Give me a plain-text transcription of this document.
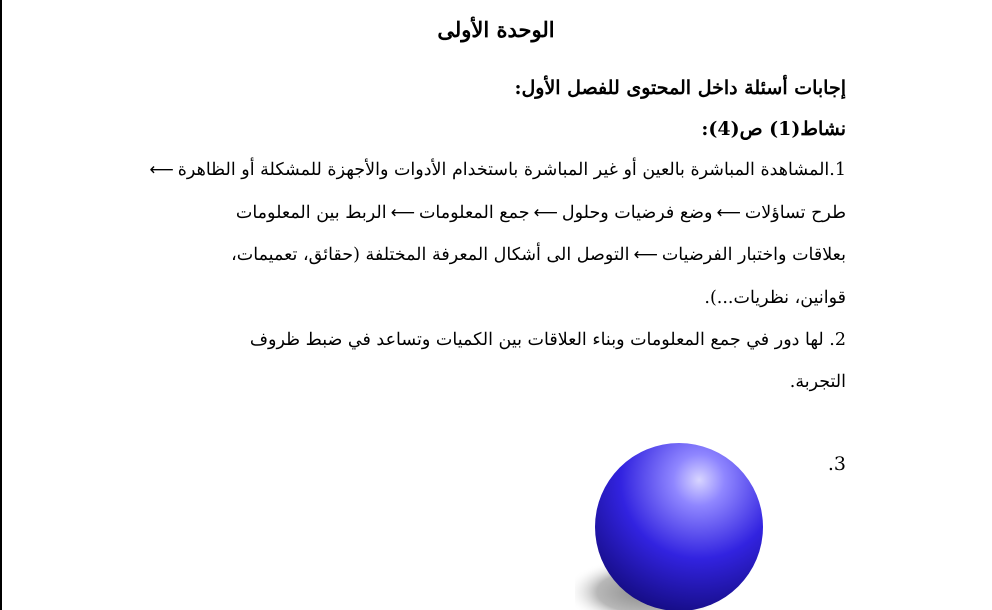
الوحدة الأولى
إجابات أسئلة داخل المحتوى للفصل الأول:
نشاط(1) ص(4):
1.المشاهدة المباشرة بالعين أو غير المباشرة باستخدام الأدوات والأجهزة للمشكلة أو الظاهرة⟵
طرح تساؤلات⟵وضع فرضيات وحلول⟵جمع المعلومات⟵الربط بين المعلومات
بعلاقات واختبار الفرضيات⟵التوصل الى أشكال المعرفة المختلفة (حقائق، تعميمات،
قوانين، نظريات...).
2. لها دور في جمع المعلومات وبناء العلاقات بين الكميات وتساعد في ضبط ظروف
التجربة.
3.
